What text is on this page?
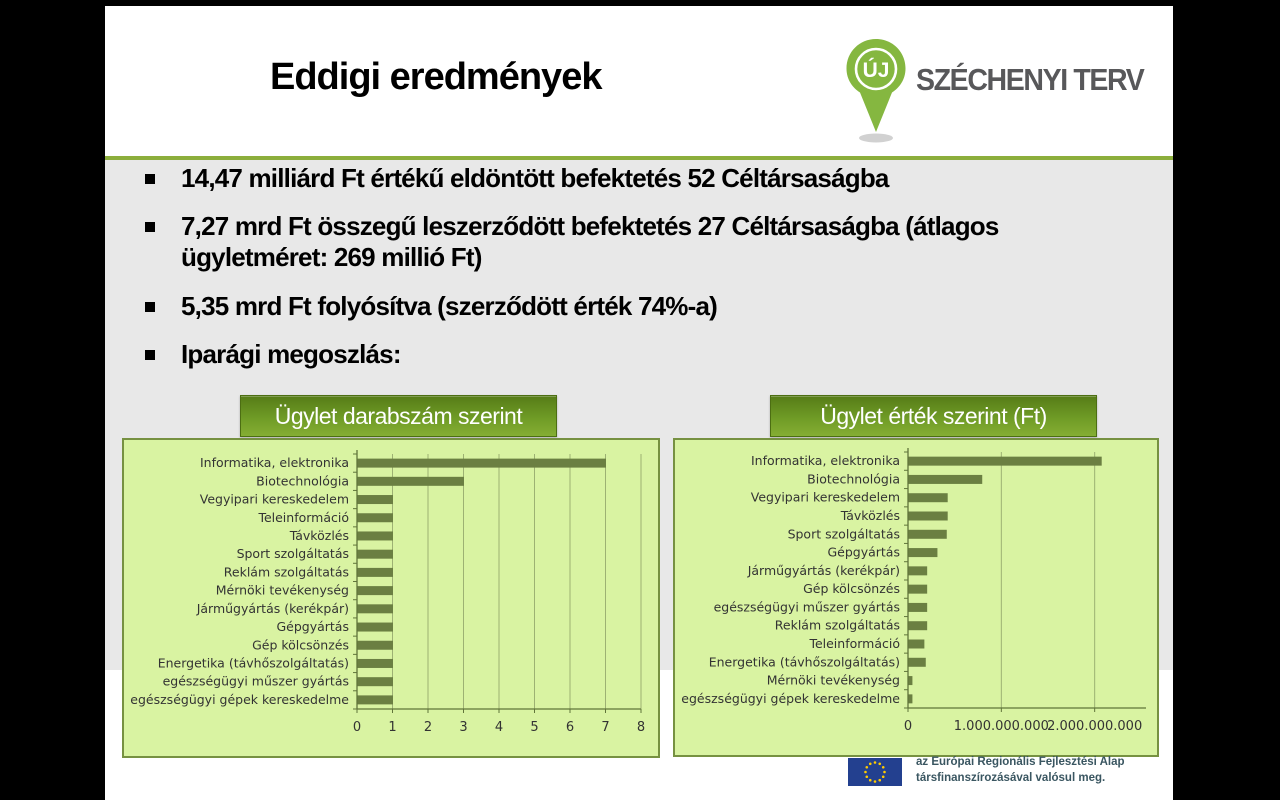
Eddigi eredmények	ÚJ SZÉCHENYI TERV
14,47 milliárd Ft értékű eldöntött befektetés 52 Céltársaságba
7,27 mrd Ft összegű leszerződött befektetés 27 Céltársaságba (átlagos ügyletméret: 269 millió Ft)
5,35 mrd Ft folyósítva (szerződött érték 74%-a)
Iparági megoszlás:
Ügylet darabszám szerint	Ügylet érték szerint (Ft)
0 1 2 3 4 5 6 7 8
Informatika, elektronika
Biotechnológia
Vegyipari kereskedelem
Teleinformáció
Távközlés
Sport szolgáltatás
Reklám szolgáltatás
Mérnöki tevékenység
Járműgyártás (kerékpár)
Gépgyártás
Gép kölcsönzés
Energetika (távhőszolgáltatás)
egészségügyi műszer gyártás
egészségügyi gépek kereskedelme
0	1.000.000.000
2.000.000.000
Informatika, elektronika
Biotechnológia
Vegyipari kereskedelem
Távközlés
Sport szolgáltatás
Gépgyártás
Járműgyártás (kerékpár)
Gép kölcsönzés
egészségügyi műszer gyártás
Reklám szolgáltatás
Teleinformáció
Energetika (távhőszolgáltatás)
Mérnöki tevékenység
egészségügyi gépek kereskedelme
az Európai Regionális Fejlesztési Alap
társfinanszírozásával valósul meg.
